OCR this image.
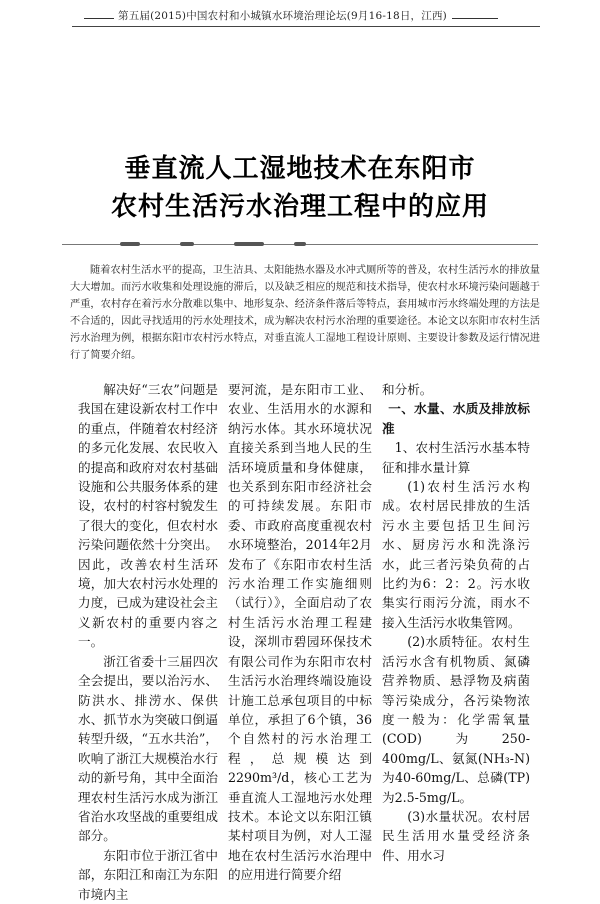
第五届(2015)中国农村和小城镇水环境治理论坛(9月16-18日，江西)
垂直流人工湿地技术在东阳市
农村生活污水治理工程中的应用
随着农村生活水平的提高，卫生洁具、太阳能热水器及水冲式厕所等的普及，农村生活污水的排放量大大增加。而污水收集和处理设施的滞后，以及缺乏相应的规范和技术指导，使农村水环境污染问题越于严重，农村存在着污水分散难以集中、地形复杂、经济条件落后等特点，套用城市污水终端处理的方法是不合适的，因此寻找适用的污水处理技术，成为解决农村污水治理的重要途径。本论文以东阳市农村生活污水治理为例，根据东阳市农村污水特点，对垂直流人工湿地工程设计原则、主要设计参数及运行情况进行了简要介绍。

解决好“三农”问题是我国在建设新农村工作中的重点，伴随着农村经济的多元化发展、农民收入的提高和政府对农村基础设施和公共服务体系的建设，农村的村容村貌发生了很大的变化，但农村水污染问题依然十分突出。因此，改善农村生活环境，加大农村污水处理的力度，已成为建设社会主义新农村的重要内容之一。

浙江省委十三届四次全会提出，要以治污水、防洪水、排涝水、保供水、抓节水为突破口倒逼转型升级，“五水共治”，吹响了浙江大规模治水行动的新号角，其中全面治理农村生活污水成为浙江省治水攻坚战的重要组成部分。

东阳市位于浙江省中部，东阳江和南江为东阳市境内主

要河流，是东阳市工业、农业、生活用水的水源和纳污水体。其水环境状况直接关系到当地人民的生活环境质量和身体健康，也关系到东阳市经济社会的可持续发展。东阳市委、市政府高度重视农村水环境整治，2014年2月发布了《东阳市农村生活污水治理工作实施细则（试行）》，全面启动了农村生活污水治理工程建设，深圳市碧园环保技术有限公司作为东阳市农村生活污水治理终端设施设计施工总承包项目的中标单位，承担了6个镇，36个自然村的污水治理工程，总规模达到2290m³/d，核心工艺为垂直流人工湿地污水处理技术。本论文以东阳江镇某村项目为例，对人工湿地在农村生活污水治理中的应用进行简要介绍

和分析。

一、水量、水质及排放标准

1、农村生活污水基本特征和排水量计算

(1)农村生活污水构成。农村居民排放的生活污水主要包括卫生间污水、厨房污水和洗涤污水，此三者污染负荷的占比约为6：2：2。污水收集实行雨污分流，雨水不接入生活污水收集管网。

(2)水质特征。农村生活污水含有机物质、氮磷营养物质、悬浮物及病菌等污染成分，各污染物浓度一般为：化学需氧量(COD)为250-400mg/L、氨氮(NH₃-N)为40-60mg/L、总磷(TP)为2.5-5mg/L。

(3)水量状况。农村居民生活用水量受经济条件、用水习
